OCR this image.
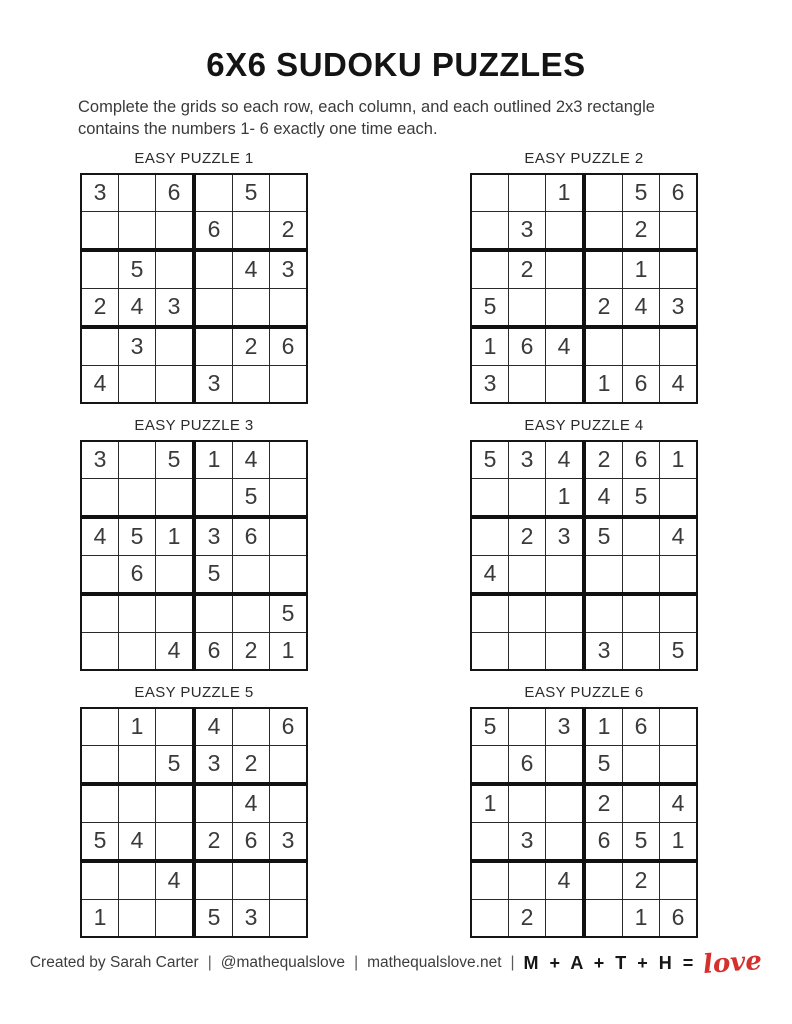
6X6 SUDOKU PUZZLES

Complete the grids so each row, each column, and each outlined 2x3 rectangle contains the numbers 1- 6 exactly one time each.

EASY PUZZLE 1
3		6		5	
			6		2
	5			4	3
2	4	3			
	3			2	6
4			3		
EASY PUZZLE 2
		1		5	6
	3			2	
	2			1	
5			2	4	3
1	6	4			
3			1	6	4
EASY PUZZLE 3
3		5	1	4	
				5	
4	5	1	3	6	
	6		5		
					5
		4	6	2	1
EASY PUZZLE 4
5	3	4	2	6	1
		1	4	5	
	2	3	5		4
4					

			3		5
EASY PUZZLE 5
	1		4		6
		5	3	2	
				4	
5	4		2	6	3
		4			
1			5	3	
EASY PUZZLE 6
5		3	1	6	
	6		5		
1			2		4
	3		6	5	1
		4		2	
	2			1	6
Created by Sarah Carter | @mathequalslove | mathequalslove.net | M + A + T + H = love
